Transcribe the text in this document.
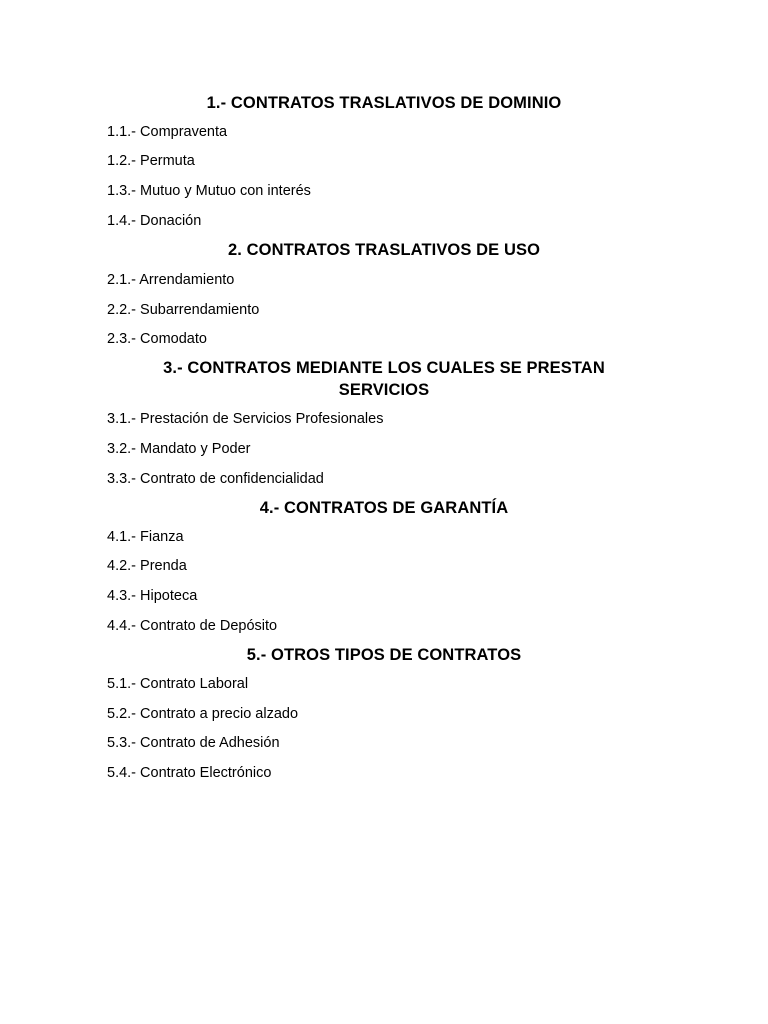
1.- CONTRATOS TRASLATIVOS DE DOMINIO
1.1.- Compraventa
1.2.- Permuta
1.3.- Mutuo y Mutuo con interés
1.4.- Donación
2. CONTRATOS TRASLATIVOS DE USO
2.1.- Arrendamiento
2.2.- Subarrendamiento
2.3.- Comodato
3.- CONTRATOS MEDIANTE LOS CUALES SE PRESTAN SERVICIOS
3.1.- Prestación de Servicios Profesionales
3.2.- Mandato y Poder
3.3.- Contrato de confidencialidad
4.- CONTRATOS DE GARANTÍA
4.1.- Fianza
4.2.- Prenda
4.3.- Hipoteca
4.4.- Contrato de Depósito
5.- OTROS TIPOS DE CONTRATOS
5.1.- Contrato Laboral
5.2.- Contrato a precio alzado
5.3.- Contrato de Adhesión
5.4.- Contrato Electrónico
